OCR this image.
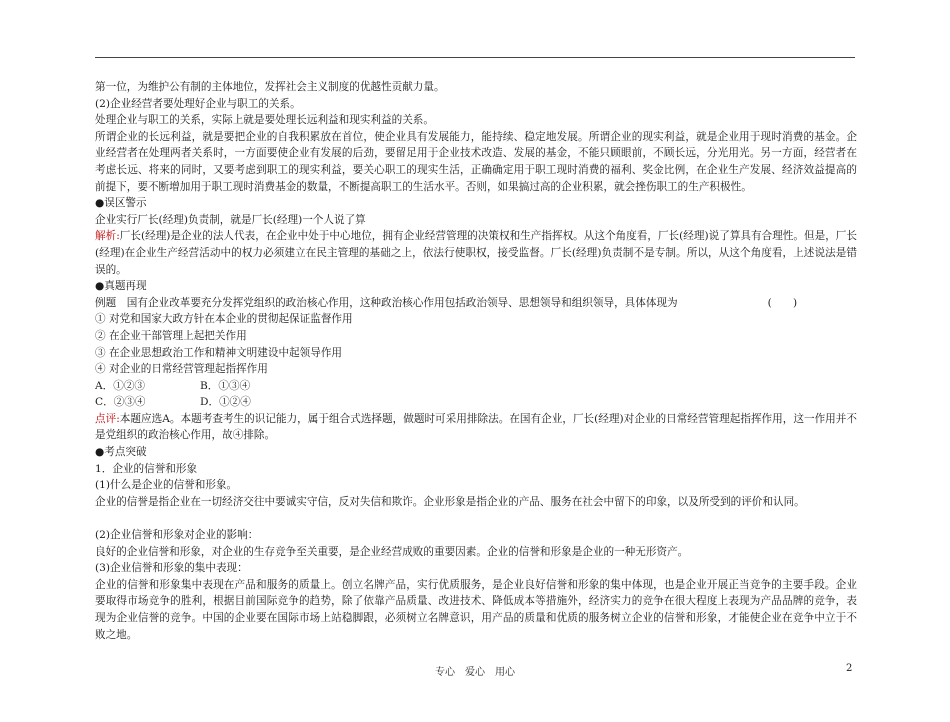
第一位，为维护公有制的主体地位，发挥社会主义制度的优越性贡献力量。

(2)企业经营者要处理好企业与职工的关系。

处理企业与职工的关系，实际上就是要处理长远利益和现实利益的关系。

所谓企业的长远利益，就是要把企业的自我积累放在首位，使企业具有发展能力，能持续、稳定地发展。所谓企业的现实利益，就是企业用于现时消费的基金。企业经营者在处理两者关系时，一方面要使企业有发展的后劲，要留足用于企业技术改造、发展的基金，不能只顾眼前，不顾长远，分光用光。另一方面，经营者在考虑长远、将来的同时，又要考虑到职工的现实利益，要关心职工的现实生活，正确确定用于职工现时消费的福利、奖金比例，在企业生产发展、经济效益提高的前提下，要不断增加用于职工现时消费基金的数量，不断提高职工的生活水平。否则，如果搞过高的企业积累，就会挫伤职工的生产积极性。

●误区警示

企业实行厂长(经理)负责制，就是厂长(经理)一个人说了算

解析:厂长(经理)是企业的法人代表，在企业中处于中心地位，拥有企业经营管理的决策权和生产指挥权。从这个角度看，厂长(经理)说了算具有合理性。但是，厂长(经理)在企业生产经营活动中的权力必须建立在民主管理的基础之上，依法行使职权，接受监督。厂长(经理)负责制不是专制。所以，从这个角度看，上述说法是错误的。

●真题再现

例题　国有企业改革要充分发挥党组织的政治核心作用，这种政治核心作用包括政治领导、思想领导和组织领导，具体体现为	(　　)

① 对党和国家大政方针在本企业的贯彻起保证监督作用

② 在企业干部管理上起把关作用

③ 在企业思想政治工作和精神文明建设中起领导作用

④ 对企业的日常经营管理起指挥作用

A．①②③	B．①③④
C．②③④	D．①②④

点评:本题应选A。本题考查考生的识记能力，属于组合式选择题，做题时可采用排除法。在国有企业，厂长(经理)对企业的日常经营管理起指挥作用，这一作用并不是党组织的政治核心作用，故④排除。

●考点突破

1．企业的信誉和形象

(1)什么是企业的信誉和形象。

企业的信誉是指企业在一切经济交往中要诚实守信，反对失信和欺诈。企业形象是指企业的产品、服务在社会中留下的印象，以及所受到的评价和认同。

(2)企业信誉和形象对企业的影响：

良好的企业信誉和形象，对企业的生存竞争至关重要，是企业经营成败的重要因素。企业的信誉和形象是企业的一种无形资产。

(3)企业信誉和形象的集中表现：

企业的信誉和形象集中表现在产品和服务的质量上。创立名牌产品，实行优质服务，是企业良好信誉和形象的集中体现，也是企业开展正当竞争的主要手段。企业要取得市场竞争的胜利，根据目前国际竞争的趋势，除了依靠产品质量、改进技术、降低成本等措施外，经济实力的竞争在很大程度上表现为产品品牌的竞争，表现为企业信誉的竞争。中国的企业要在国际市场上站稳脚跟，必须树立名牌意识，用产品的质量和优质的服务树立企业的信誉和形象，才能使企业在竞争中立于不败之地。

专心　爱心　用心	2
